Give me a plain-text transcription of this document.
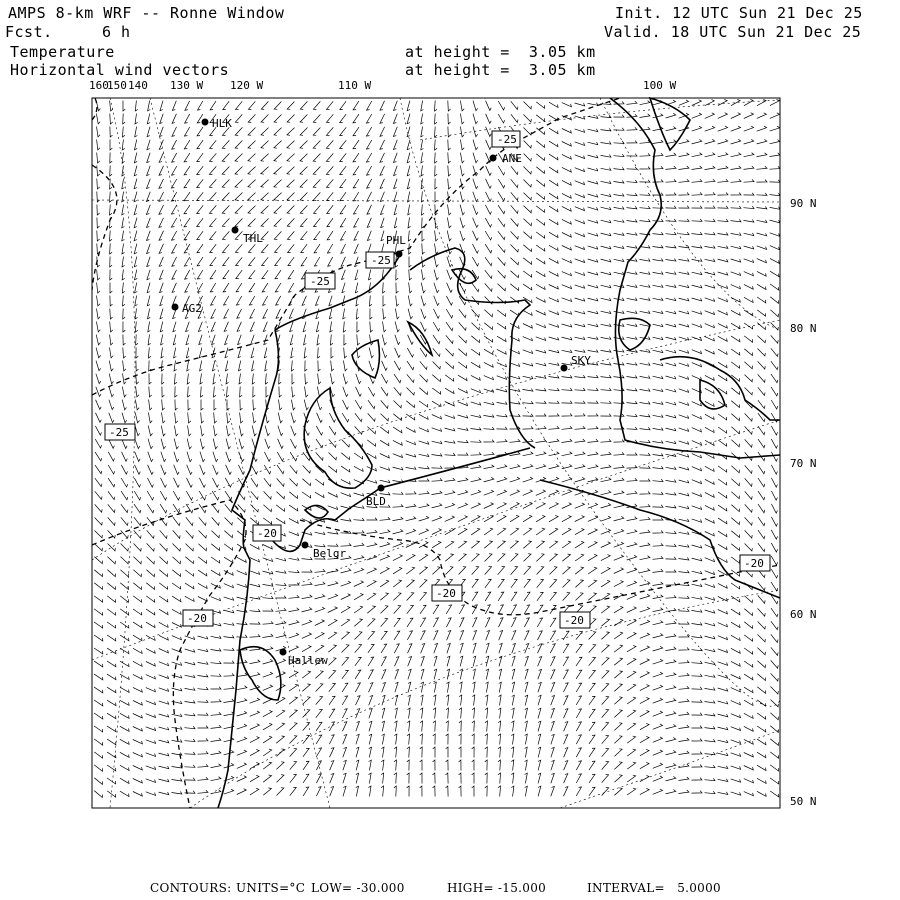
AMPS 8-km WRF -- Ronne Window
Fcst.	6 h
Init. 12 UTC Sun 21 Dec 25
Valid. 18 UTC Sun 21 Dec 25
Temperature
Horizontal wind vectors
at height =  3.05 km
at height =  3.05 km
160
150 140 130 W 120 W	110 W	100 W
90 N
80 N
70 N
60 N
50 N
-25
-25
-25
-25
-20
-20
-20
-20
-20
HLK
ANE
THL	PHL
AG2
SKY
BLD
Belgr
Hallew
CONTOURS: UNITS=°C LOW= -30.000	HIGH= -15.000	INTERVAL=   5.0000
